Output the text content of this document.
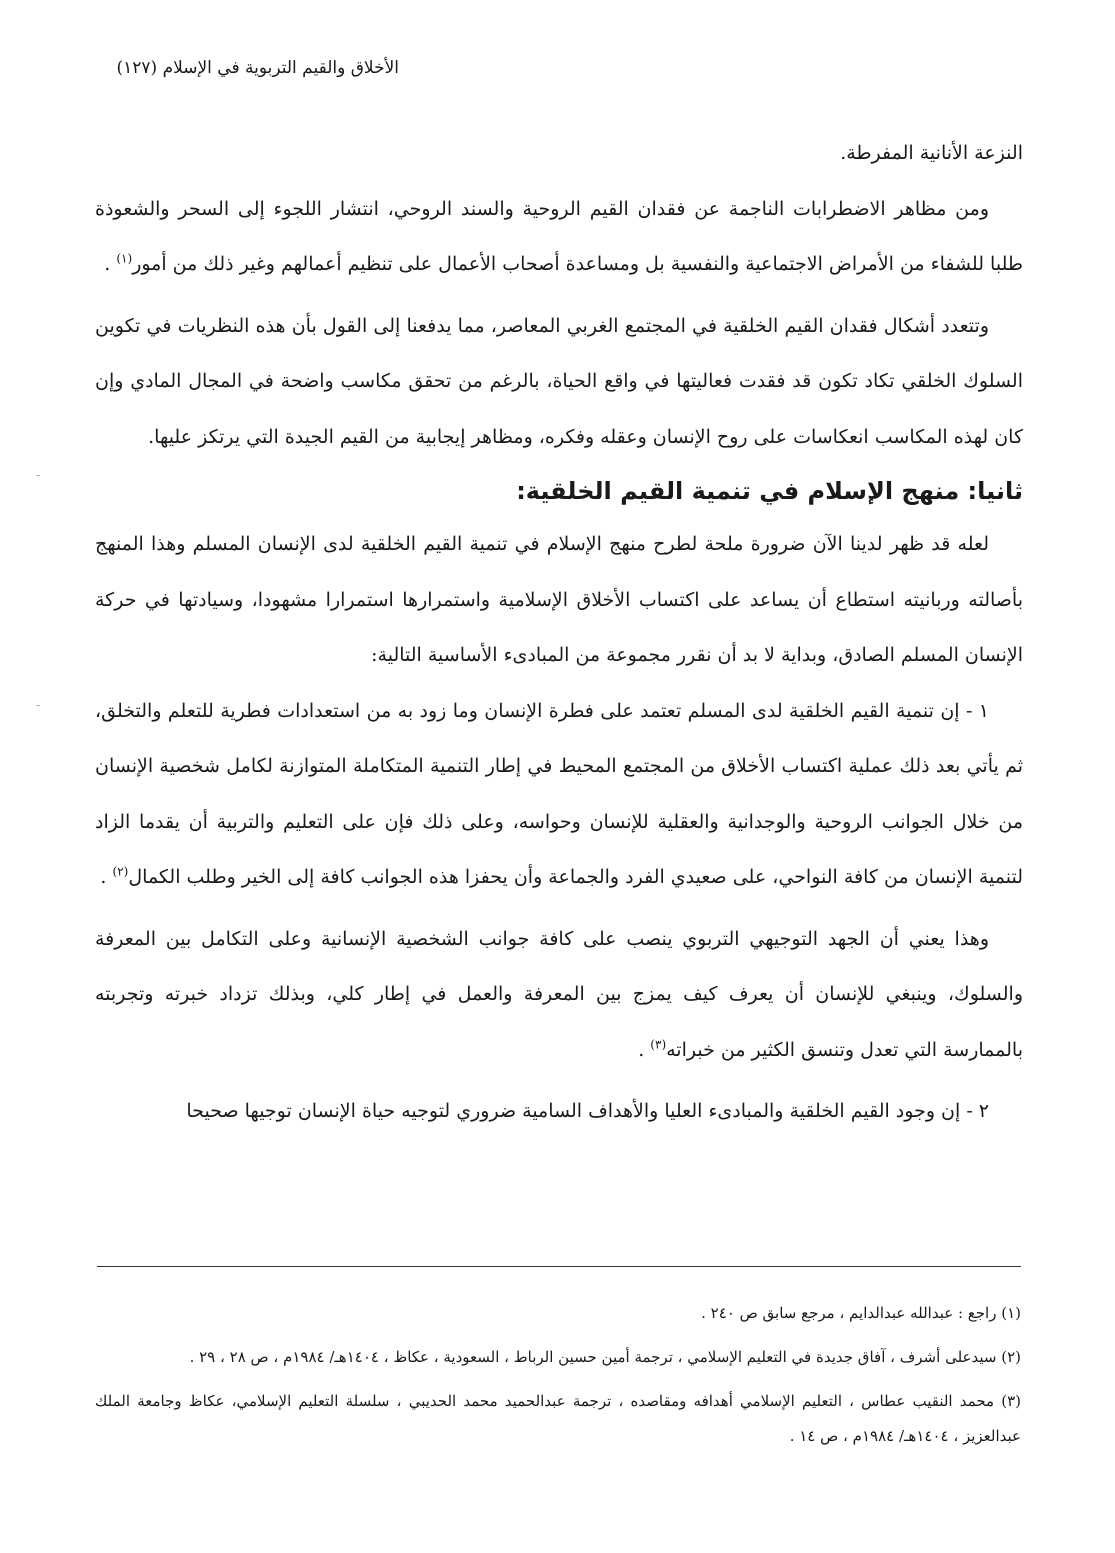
الأخلاق والقيم التربوية في الإسلام (١٢٧)
-
-

النزعة الأنانية المفرطة.

ومن مظاهر الاضطرابات الناجمة عن فقدان القيم الروحية والسند الروحي، انتشار اللجوء إلى السحر والشعوذة طلبا للشفاء من الأمراض الاجتماعية والنفسية بل ومساعدة أصحاب الأعمال على تنظيم أعمالهم وغير ذلك من أمور$^{(١)}$ .

وتتعدد أشكال فقدان القيم الخلقية في المجتمع الغربي المعاصر، مما يدفعنا إلى القول بأن هذه النظريات في تكوين السلوك الخلقي تكاد تكون قد فقدت فعاليتها في واقع الحياة، بالرغم من تحقق مكاسب واضحة في المجال المادي وإن كان لهذه المكاسب انعكاسات على روح الإنسان وعقله وفكره، ومظاهر إيجابية من القيم الجيدة التي يرتكز عليها.

ثانيا: منهج الإسلام في تنمية القيم الخلقية:

لعله قد ظهر لدينا الآن ضرورة ملحة لطرح منهج الإسلام في تنمية القيم الخلقية لدى الإنسان المسلم وهذا المنهج بأصالته وربانيته استطاع أن يساعد على اكتساب الأخلاق الإسلامية واستمرارها استمرارا مشهودا، وسيادتها في حركة الإنسان المسلم الصادق، وبداية لا بد أن نقرر مجموعة من المبادىء الأساسية التالية:

١ - إن تنمية القيم الخلقية لدى المسلم تعتمد على فطرة الإنسان وما زود به من استعدادات فطرية للتعلم والتخلق، ثم يأتي بعد ذلك عملية اكتساب الأخلاق من المجتمع المحيط في إطار التنمية المتكاملة المتوازنة لكامل شخصية الإنسان من خلال الجوانب الروحية والوجدانية والعقلية للإنسان وحواسه، وعلى ذلك فإن على التعليم والتربية أن يقدما الزاد لتنمية الإنسان من كافة النواحي، على صعيدي الفرد والجماعة وأن يحفزا هذه الجوانب كافة إلى الخير وطلب الكمال$^{(٢)}$ .

وهذا يعني أن الجهد التوجيهي التربوي ينصب على كافة جوانب الشخصية الإنسانية وعلى التكامل بين المعرفة والسلوك، وينبغي للإنسان أن يعرف كيف يمزج بين المعرفة والعمل في إطار كلي، وبذلك تزداد خبرته وتجربته بالممارسة التي تعدل وتنسق الكثير من خبراته$^{(٣)}$ .

٢ - إن وجود القيم الخلقية والمبادىء العليا والأهداف السامية ضروري لتوجيه حياة الإنسان توجيها صحيحا

(١) راجع : عبدالله عبدالدايم ، مرجع سابق ص ٢٤٠ .

(٢) سيدعلى أشرف ، آفاق جديدة في التعليم الإسلامي ، ترجمة أمين حسين الرباط ، السعودية ، عكاظ ، ١٤٠٤هـ/ ١٩٨٤م ، ص ٢٨ ، ٢٩ .

(٣) محمد النقيب عطاس ، التعليم الإسلامي أهدافه ومقاصده ، ترجمة عبدالحميد محمد الحديبي ، سلسلة التعليم الإسلامي، عكاظ وجامعة الملك عبدالعزيز ، ١٤٠٤هـ/ ١٩٨٤م ، ص ١٤ .
